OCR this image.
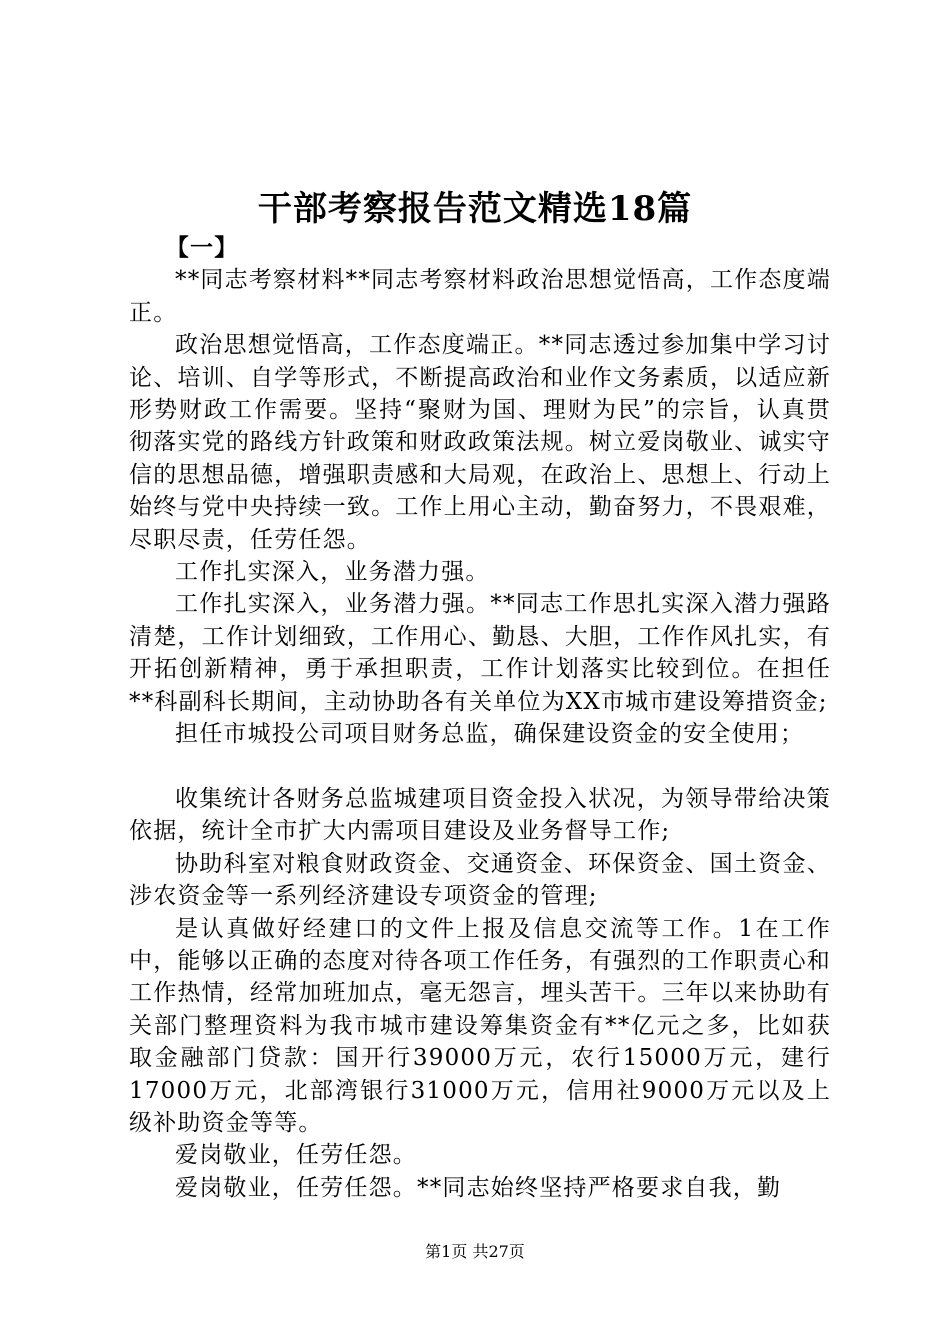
干部考察报告范文精选18篇

【一】

**同志考察材料**同志考察材料政治思想觉悟高，工作态度端正。

政治思想觉悟高，工作态度端正。**同志透过参加集中学习讨论、培训、自学等形式，不断提高政治和业作文务素质，以适应新形势财政工作需要。坚持“聚财为国、理财为民”的宗旨，认真贯彻落实党的路线方针政策和财政政策法规。树立爱岗敬业、诚实守信的思想品德，增强职责感和大局观，在政治上、思想上、行动上始终与党中央持续一致。工作上用心主动，勤奋努力，不畏艰难，尽职尽责，任劳任怨。

工作扎实深入，业务潜力强。

工作扎实深入，业务潜力强。**同志工作思扎实深入潜力强路清楚，工作计划细致，工作用心、勤恳、大胆，工作作风扎实，有开拓创新精神，勇于承担职责，工作计划落实比较到位。在担任**科副科长期间，主动协助各有关单位为XX市城市建设筹措资金;

担任市城投公司项目财务总监，确保建设资金的安全使用；

收集统计各财务总监城建项目资金投入状况，为领导带给决策依据，统计全市扩大内需项目建设及业务督导工作;

协助科室对粮食财政资金、交通资金、环保资金、国土资金、涉农资金等一系列经济建设专项资金的管理;

是认真做好经建口的文件上报及信息交流等工作。1在工作中，能够以正确的态度对待各项工作任务，有强烈的工作职责心和工作热情，经常加班加点，毫无怨言，埋头苦干。三年以来协助有关部门整理资料为我市城市建设筹集资金有**亿元之多，比如获取金融部门贷款：国开行39000万元，农行15000万元，建行17000万元，北部湾银行31000万元，信用社9000万元以及上级补助资金等等。

爱岗敬业，任劳任怨。

爱岗敬业，任劳任怨。**同志始终坚持严格要求自我，勤

第1页 共27页
